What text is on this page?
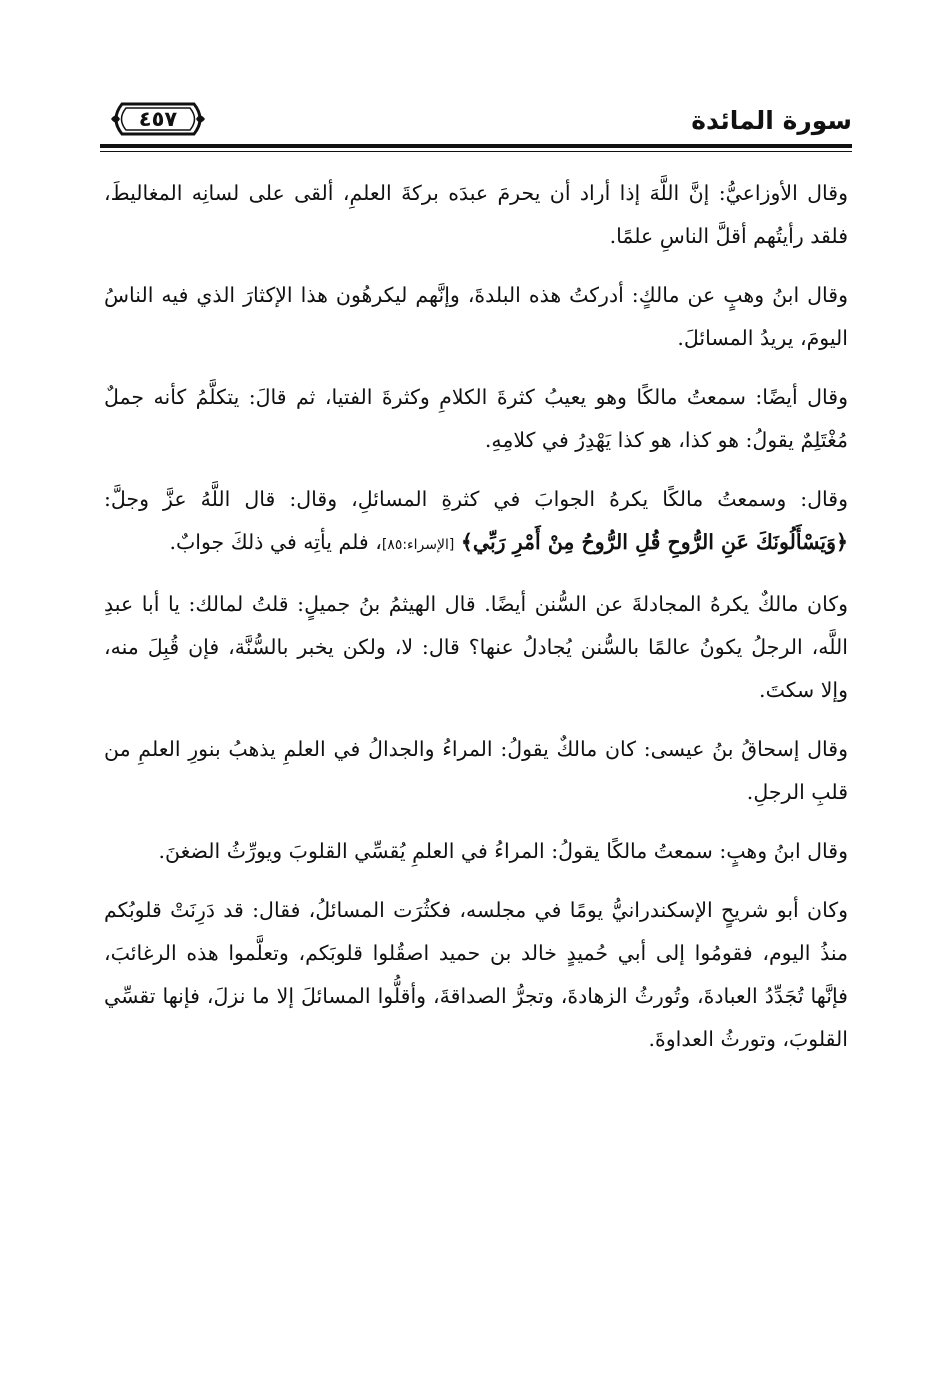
سورة المائدة
٤٥٧

وقال الأوزاعيُّ: إنَّ اللَّهَ إذا أراد أن يحرمَ عبدَه بركةَ العلمِ، ألقى على لسانِه المغاليطَ، فلقد رأيتُهم أقلَّ الناسِ علمًا.

وقال ابنُ وهبٍ عن مالكٍ: أدركتُ هذه البلدةَ، وإنَّهم ليكرهُون هذا الإكثارَ الذي فيه الناسُ اليومَ، يريدُ المسائلَ.

وقال أيضًا: سمعتُ مالكًا وهو يعيبُ كثرةَ الكلامِ وكثرةَ الفتيا، ثم قالَ: يتكلَّمُ كأنه جملٌ مُغْتَلِمٌ يقولُ: هو كذا، هو كذا يَهْدِرُ في كلامِهِ.

وقال: وسمعتُ مالكًا يكرهُ الجوابَ في كثرةِ المسائلِ، وقال: قال اللَّهُ عزَّ وجلَّ: ﴿وَيَسْأَلُونَكَ عَنِ الرُّوحِ قُلِ الرُّوحُ مِنْ أَمْرِ رَبِّي﴾ [الإسراء:٨٥]، فلم يأتِه في ذلكَ جوابٌ.

وكان مالكٌ يكرهُ المجادلةَ عن السُّنن أيضًا. قال الهيثمُ بنُ جميلٍ: قلتُ لمالك: يا أبا عبدِ اللَّه، الرجلُ يكونُ عالمًا بالسُّنن يُجادلُ عنها؟ قال: لا، ولكن يخبر بالسُّنَّة، فإن قُبِلَ منه، وإلا سكتَ.

وقال إسحاقُ بنُ عيسى: كان مالكٌ يقولُ: المراءُ والجدالُ في العلمِ يذهبُ بنورِ العلمِ من قلبِ الرجلِ.

وقال ابنُ وهبٍ: سمعتُ مالكًا يقولُ: المراءُ في العلمِ يُقسِّي القلوبَ ويورِّثُ الضغنَ.

وكان أبو شريحٍ الإسكندرانيُّ يومًا في مجلسه، فكثُرَت المسائلُ، فقال: قد دَرِنَتْ قلوبُكم منذُ اليوم، فقومُوا إلى أبي حُميدٍ خالد بن حميد اصقُلوا قلوبَكم، وتعلَّموا هذه الرغائبَ، فإنَّها تُجَدِّدُ العبادةَ، وتُورثُ الزهادةَ، وتجرُّ الصداقةَ، وأقلُّوا المسائلَ إلا ما نزلَ، فإنها تقسِّي القلوبَ، وتورثُ العداوةَ.
